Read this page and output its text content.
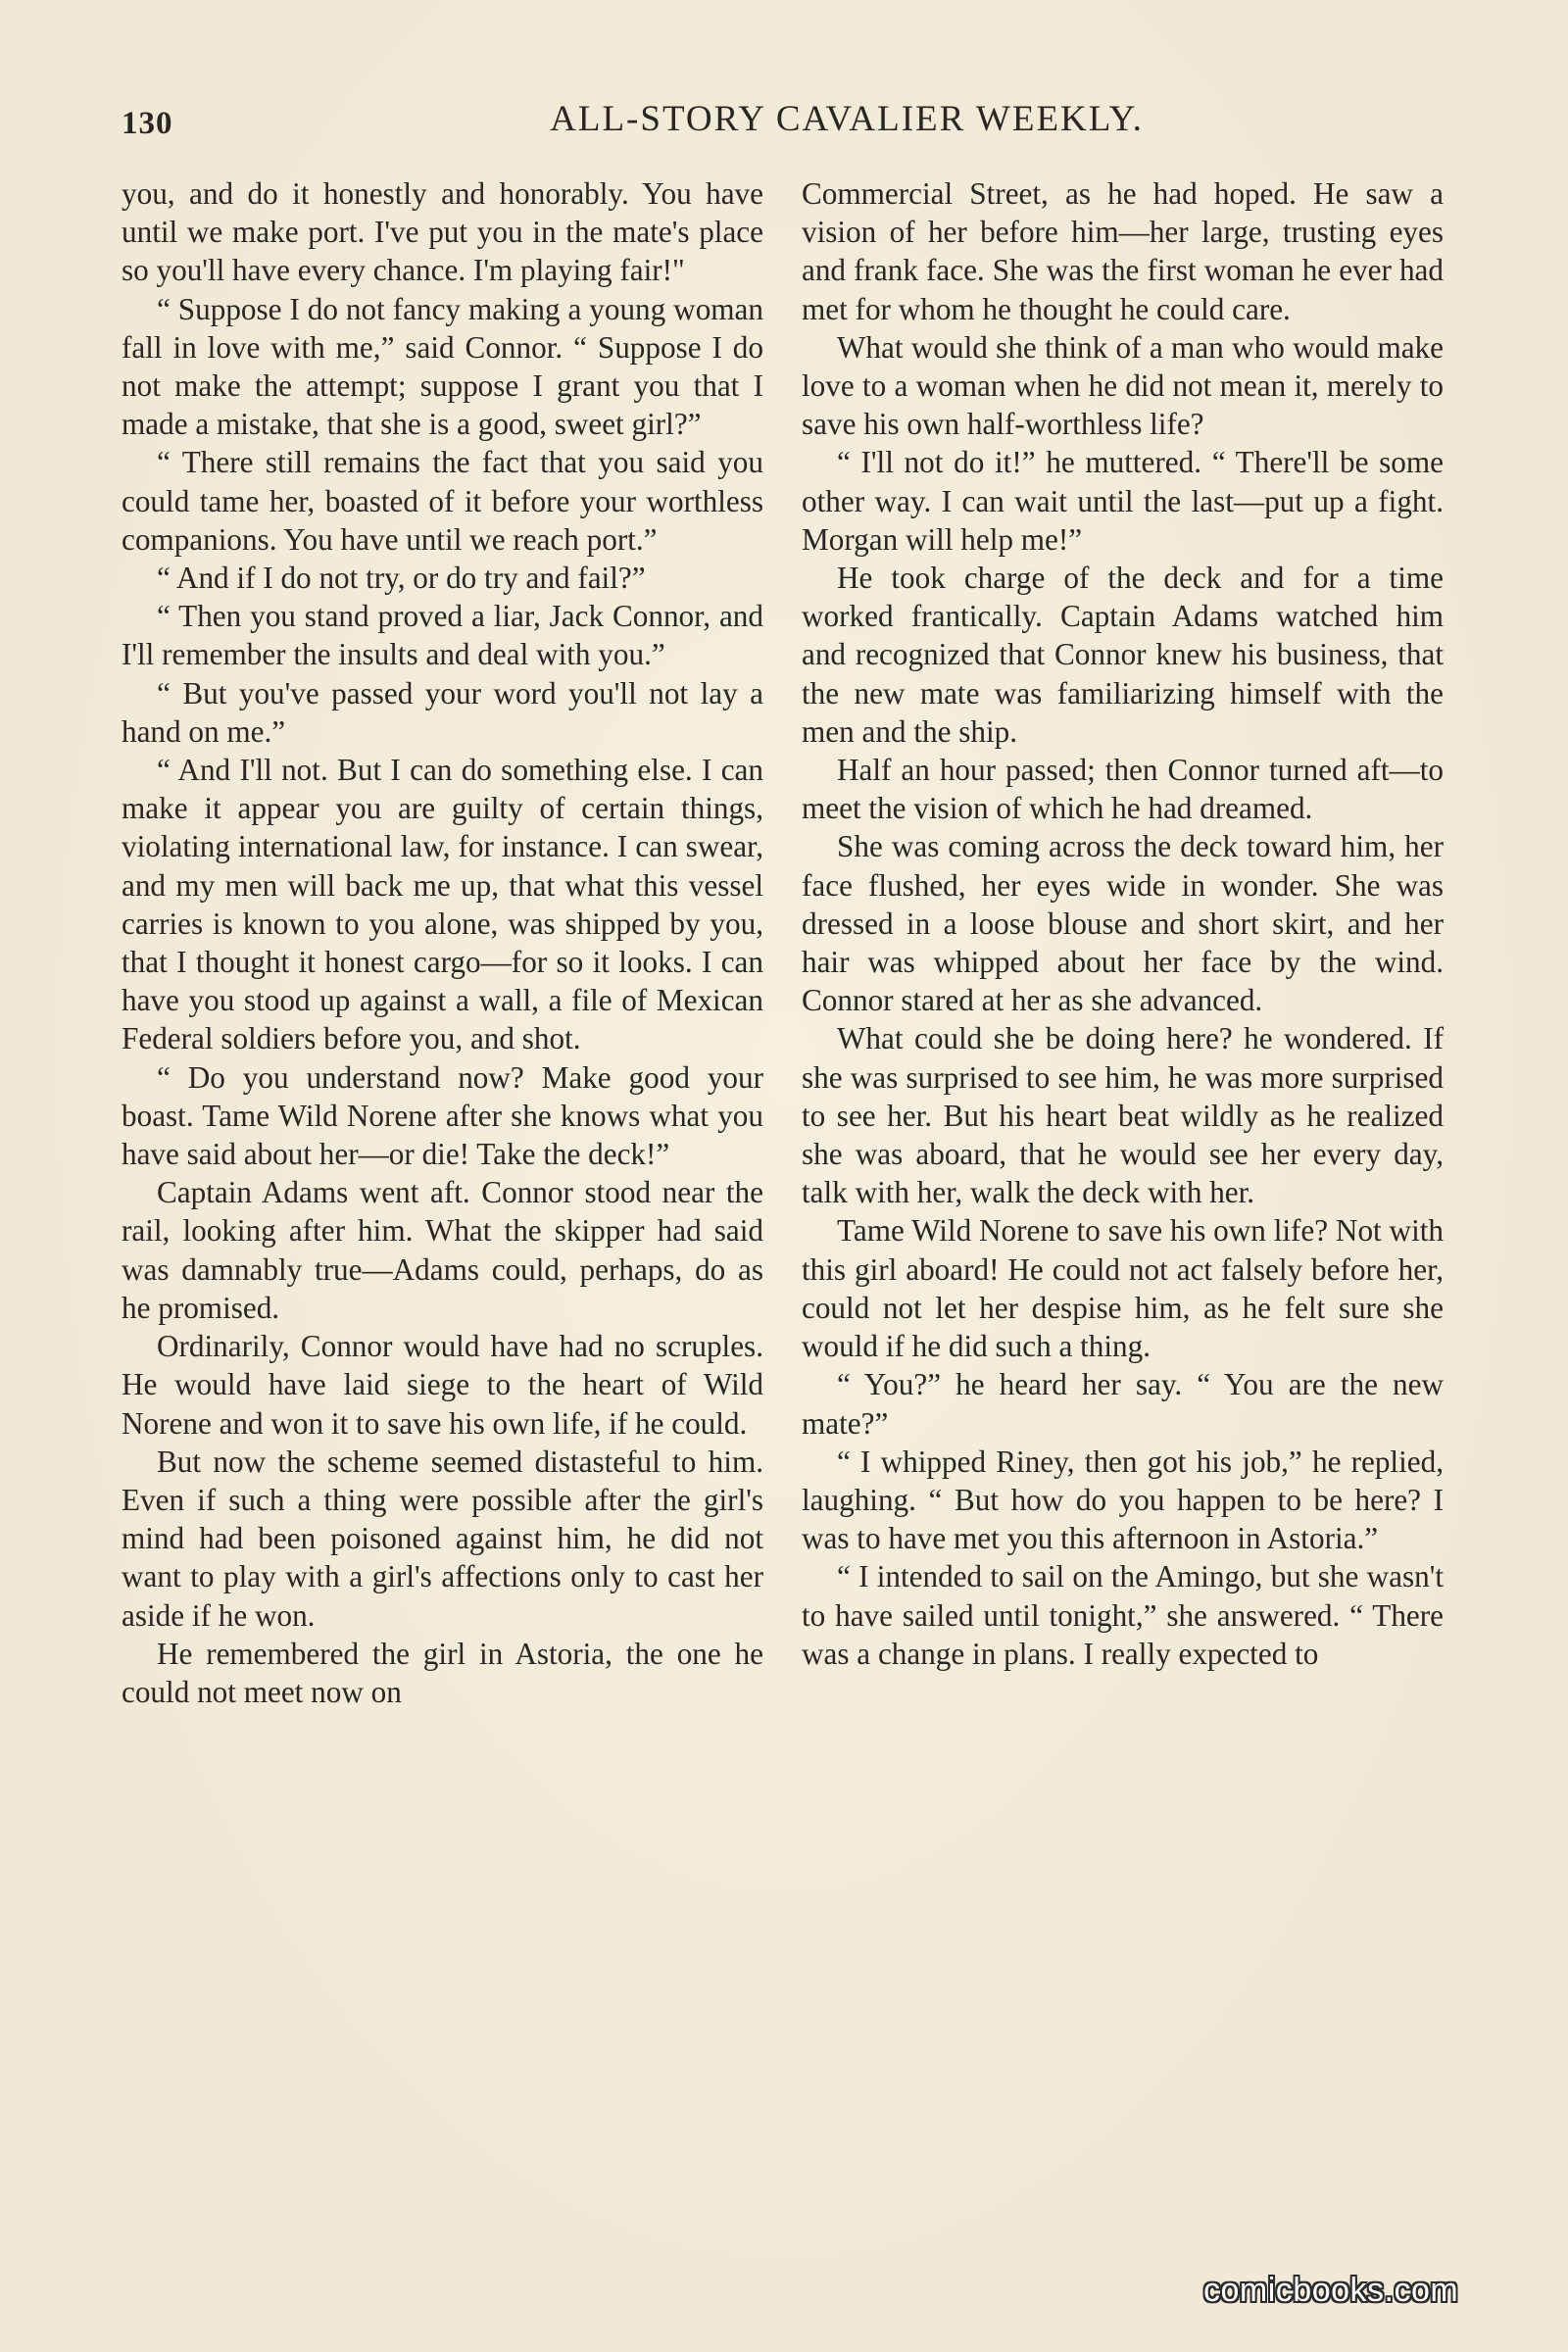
130	ALL-STORY CAVALIER WEEKLY.

you, and do it honestly and honorably. You have until we make port. I've put you in the mate's place so you'll have every chance. I'm playing fair!"

“ Suppose I do not fancy making a young woman fall in love with me,” said Connor. “ Suppose I do not make the attempt; suppose I grant you that I made a mistake, that she is a good, sweet girl?”

“ There still remains the fact that you said you could tame her, boasted of it before your worthless companions. You have until we reach port.”

“ And if I do not try, or do try and fail?”

“ Then you stand proved a liar, Jack Connor, and I'll remember the insults and deal with you.”

“ But you've passed your word you'll not lay a hand on me.”

“ And I'll not. But I can do something else. I can make it appear you are guilty of certain things, violating international law, for instance. I can swear, and my men will back me up, that what this vessel carries is known to you alone, was shipped by you, that I thought it honest cargo—for so it looks. I can have you stood up against a wall, a file of Mexican Federal soldiers before you, and shot.

“ Do you understand now? Make good your boast. Tame Wild Norene after she knows what you have said about her—or die! Take the deck!”

Captain Adams went aft. Connor stood near the rail, looking after him. What the skipper had said was damnably true—Adams could, perhaps, do as he promised.

Ordinarily, Connor would have had no scruples. He would have laid siege to the heart of Wild Norene and won it to save his own life, if he could.

But now the scheme seemed distasteful to him. Even if such a thing were possible after the girl's mind had been poisoned against him, he did not want to play with a girl's affections only to cast her aside if he won.

He remembered the girl in Astoria, the one he could not meet now on

Commercial Street, as he had hoped. He saw a vision of her before him—her large, trusting eyes and frank face. She was the first woman he ever had met for whom he thought he could care.

What would she think of a man who would make love to a woman when he did not mean it, merely to save his own half-worthless life?

“ I'll not do it!” he muttered. “ There'll be some other way. I can wait until the last—put up a fight. Morgan will help me!”

He took charge of the deck and for a time worked frantically. Captain Adams watched him and recognized that Connor knew his business, that the new mate was familiarizing himself with the men and the ship.

Half an hour passed; then Connor turned aft—to meet the vision of which he had dreamed.

She was coming across the deck toward him, her face flushed, her eyes wide in wonder. She was dressed in a loose blouse and short skirt, and her hair was whipped about her face by the wind. Connor stared at her as she advanced.

What could she be doing here? he wondered. If she was surprised to see him, he was more surprised to see her. But his heart beat wildly as he realized she was aboard, that he would see her every day, talk with her, walk the deck with her.

Tame Wild Norene to save his own life? Not with this girl aboard! He could not act falsely before her, could not let her despise him, as he felt sure she would if he did such a thing.

“ You?” he heard her say. “ You are the new mate?”

“ I whipped Riney, then got his job,” he replied, laughing. “ But how do you happen to be here? I was to have met you this afternoon in Astoria.”

“ I intended to sail on the Amingo, but she wasn't to have sailed until tonight,” she answered. “ There was a change in plans. I really expected to

comicbooks.com
